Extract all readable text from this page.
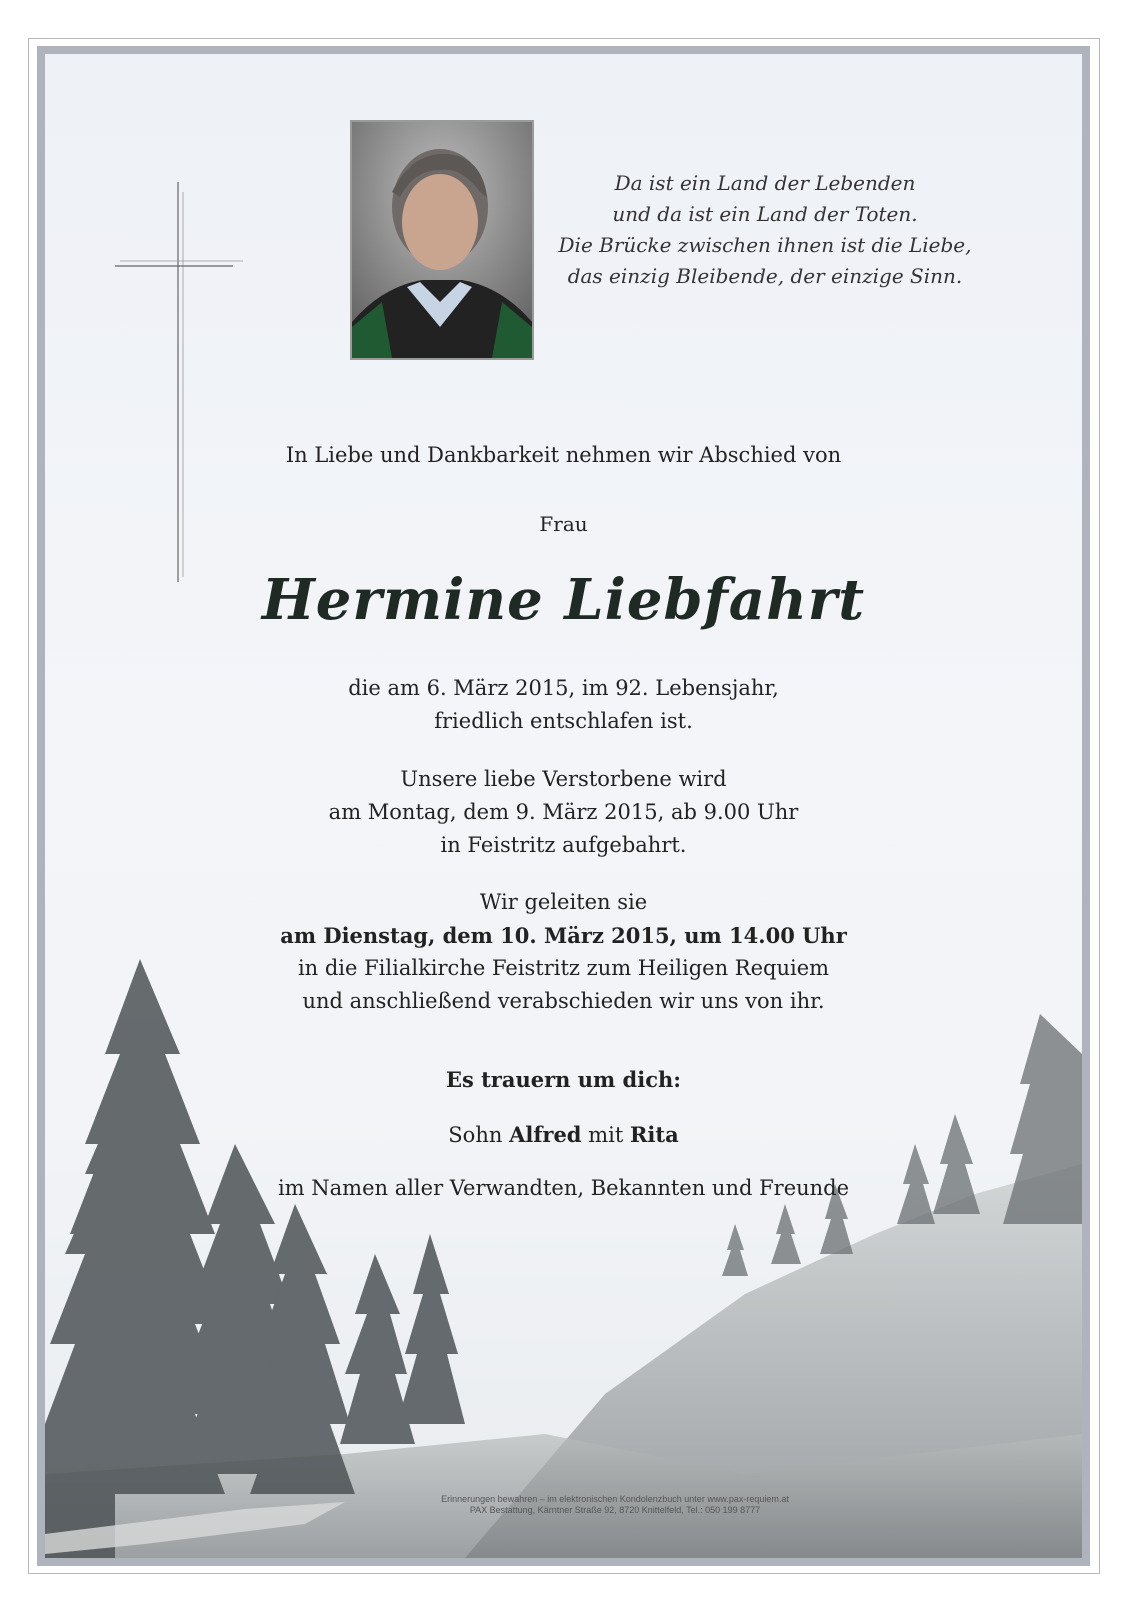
Da ist ein Land der Lebenden
und da ist ein Land der Toten.
Die Brücke zwischen ihnen ist die Liebe,
das einzig Bleibende, der einzige Sinn.
In Liebe und Dankbarkeit nehmen wir Abschied von
Frau
Hermine Liebfahrt
die am 6. März 2015, im 92. Lebensjahr,
friedlich entschlafen ist.
Unsere liebe Verstorbene wird
am Montag, dem 9. März 2015, ab 9.00 Uhr
in Feistritz aufgebahrt.
Wir geleiten sie
am Dienstag, dem 10. März 2015, um 14.00 Uhr
in die Filialkirche Feistritz zum Heiligen Requiem
und anschließend verabschieden wir uns von ihr.
Es trauern um dich:
Sohn Alfred mit Rita
im Namen aller Verwandten, Bekannten und Freunde
Erinnerungen bewahren – im elektronischen Kondolenzbuch unter www.pax-requiem.at
PAX Bestattung, Kärntner Straße 92, 8720 Knittelfeld, Tel.: 050 199 8777
